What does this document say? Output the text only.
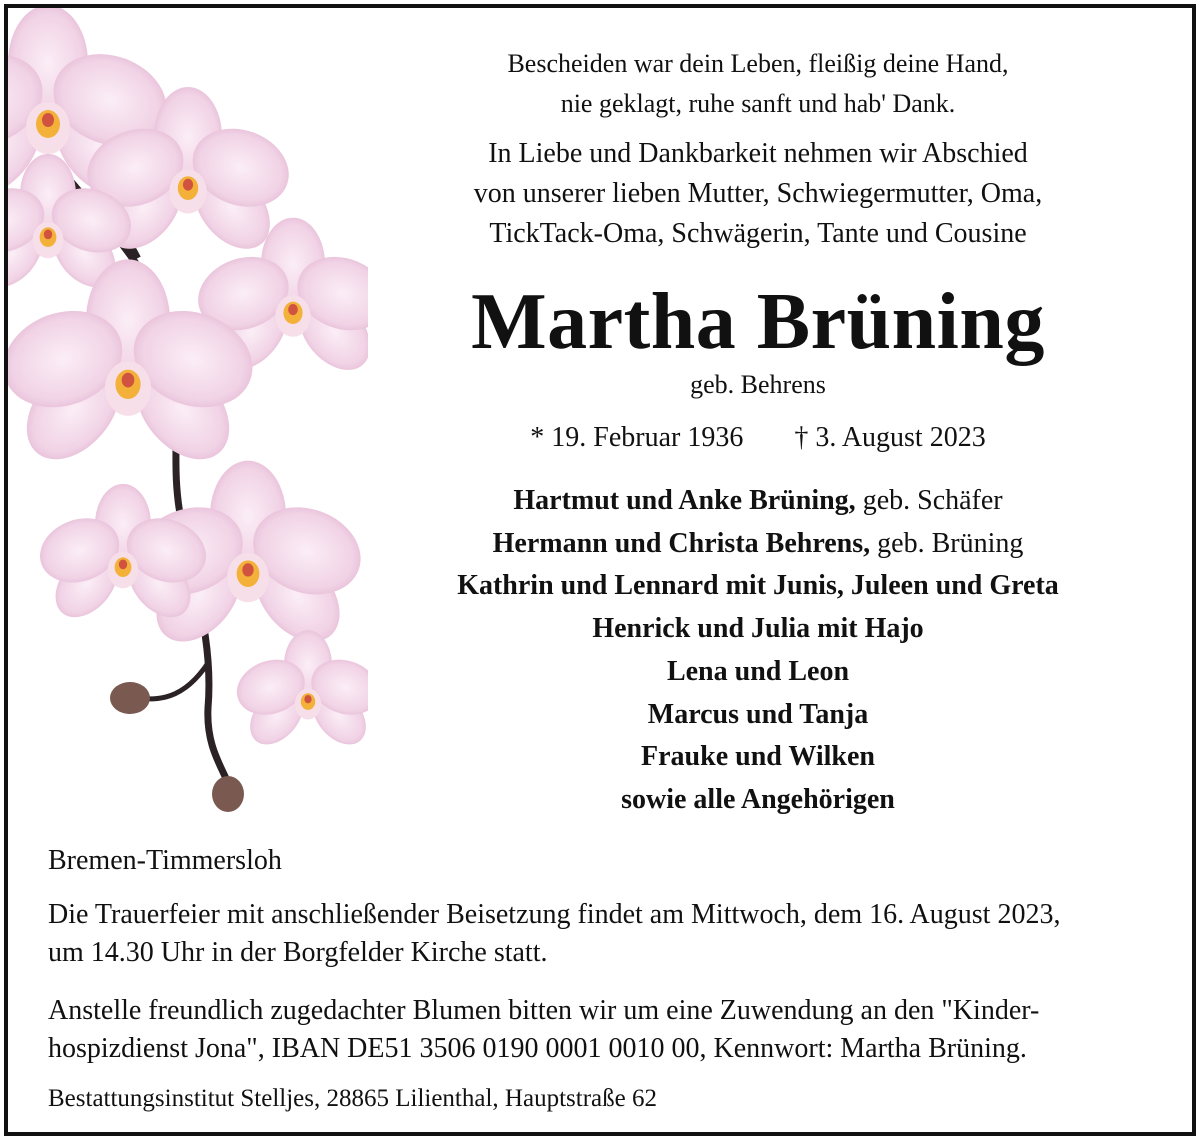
Bescheiden war dein Leben, fleißig deine Hand,
nie geklagt, ruhe sanft und hab' Dank.
In Liebe und Dankbarkeit nehmen wir Abschied
von unserer lieben Mutter, Schwiegermutter, Oma,
TickTack-Oma, Schwägerin, Tante und Cousine
Martha Brüning
geb. Behrens
* 19. Februar 1936 † 3. August 2023
Hartmut und Anke Brüning, geb. Schäfer
Hermann und Christa Behrens, geb. Brüning
Kathrin und Lennard mit Junis, Juleen und Greta
Henrick und Julia mit Hajo
Lena und Leon
Marcus und Tanja
Frauke und Wilken
sowie alle Angehörigen
Bremen-Timmersloh
Die Trauerfeier mit anschließender Beisetzung findet am Mittwoch, dem 16. August 2023,
um 14.30 Uhr in der Borgfelder Kirche statt.
Anstelle freundlich zugedachter Blumen bitten wir um eine Zuwendung an den "Kinder-
hospizdienst Jona", IBAN DE51 3506 0190 0001 0010 00, Kennwort: Martha Brüning.
Bestattungsinstitut Stelljes, 28865 Lilienthal, Hauptstraße 62
